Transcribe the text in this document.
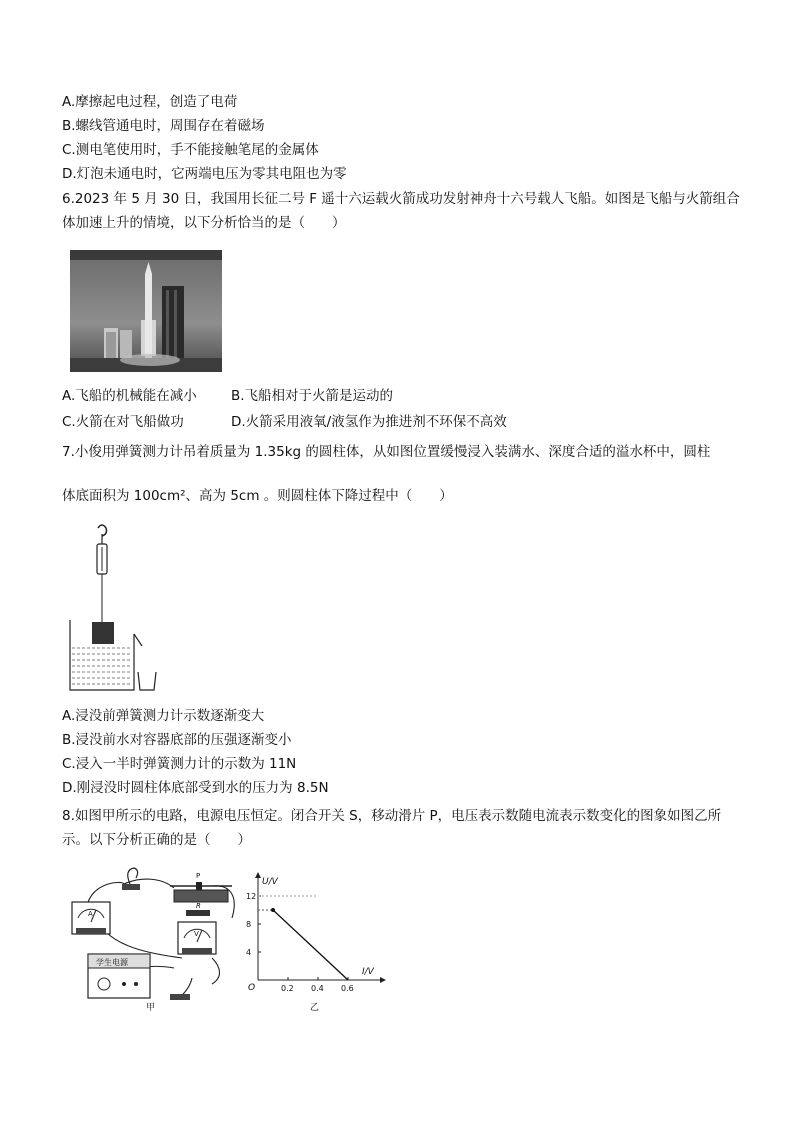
A.摩擦起电过程，创造了电荷
B.螺线管通电时，周围存在着磁场
C.测电笔使用时，手不能接触笔尾的金属体
D.灯泡未通电时，它两端电压为零其电阻也为零
6.2023 年 5 月 30 日，我国用长征二号 F 遥十六运载火箭成功发射神舟十六号载人飞船。如图是飞船与火箭组合体加速上升的情境，以下分析恰当的是（　　）
A.飞船的机械能在减小	B.飞船相对于火箭是运动的
C.火箭在对飞船做功	D.火箭采用液氧/液氢作为推进剂不环保不高效
7.小俊用弹簧测力计吊着质量为 1.35kg 的圆柱体，从如图位置缓慢浸入装满水、深度合适的溢水杯中，圆柱
体底面积为 100cm²、高为 5cm 。则圆柱体下降过程中（　　）
A.浸没前弹簧测力计示数逐渐变大
B.浸没前水对容器底部的压强逐渐变小
C.浸入一半时弹簧测力计的示数为 11N
D.刚浸没时圆柱体底部受到水的压力为 8.5N
8.如图甲所示的电路，电源电压恒定。闭合开关 S，移动滑片 P，电压表示数随电流表示数变化的图象如图乙所示。以下分析正确的是（　　）
P
R
A
V
学生电源
甲
U/V
I/V
O	0.2 0.4 0.6
4
8
12
乙
